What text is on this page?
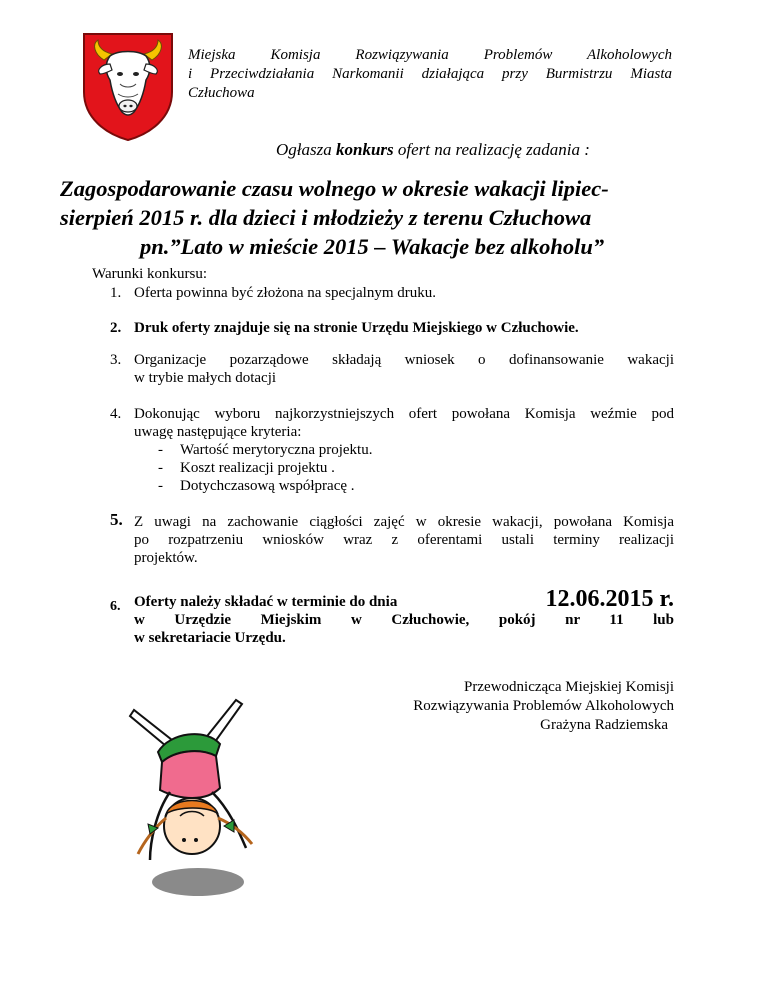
Miejska Komisja Rozwiązywania Problemów Alkoholowych
i Przeciwdziałania Narkomanii działająca przy Burmistrzu Miasta
Człuchowa
Ogłasza konkurs ofert na realizację zadania :
Zagospodarowanie czasu wolnego w okresie wakacji lipiec-
sierpień 2015 r. dla dzieci i młodzieży z terenu Człuchowa
pn.”Lato w mieście 2015 – Wakacje bez alkoholu”
Warunki konkursu:
1. Oferta powinna być złożona na specjalnym druku.
2. Druk oferty znajduje się na stronie Urzędu Miejskiego w Człuchowie.
3. Organizacje pozarządowe składają wniosek o dofinansowanie wakacji
w trybie małych dotacji
4. Dokonując wyboru najkorzystniejszych ofert powołana Komisja weźmie pod
uwagę następujące kryteria:
- Wartość merytoryczna projektu.
- Koszt realizacji projektu .
- Dotychczasową współpracę .
5. Z uwagi na zachowanie ciągłości zajęć w okresie wakacji, powołana Komisja
po rozpatrzeniu wniosków wraz z oferentami ustali terminy realizacji
projektów.
6. Oferty należy składać w terminie do dnia	12.06.2015 r.
w Urzędzie Miejskim w Człuchowie, pokój nr 11 lub
w sekretariacie Urzędu.
Przewodnicząca Miejskiej Komisji
Rozwiązywania Problemów Alkoholowych
Grażyna Radziemska
